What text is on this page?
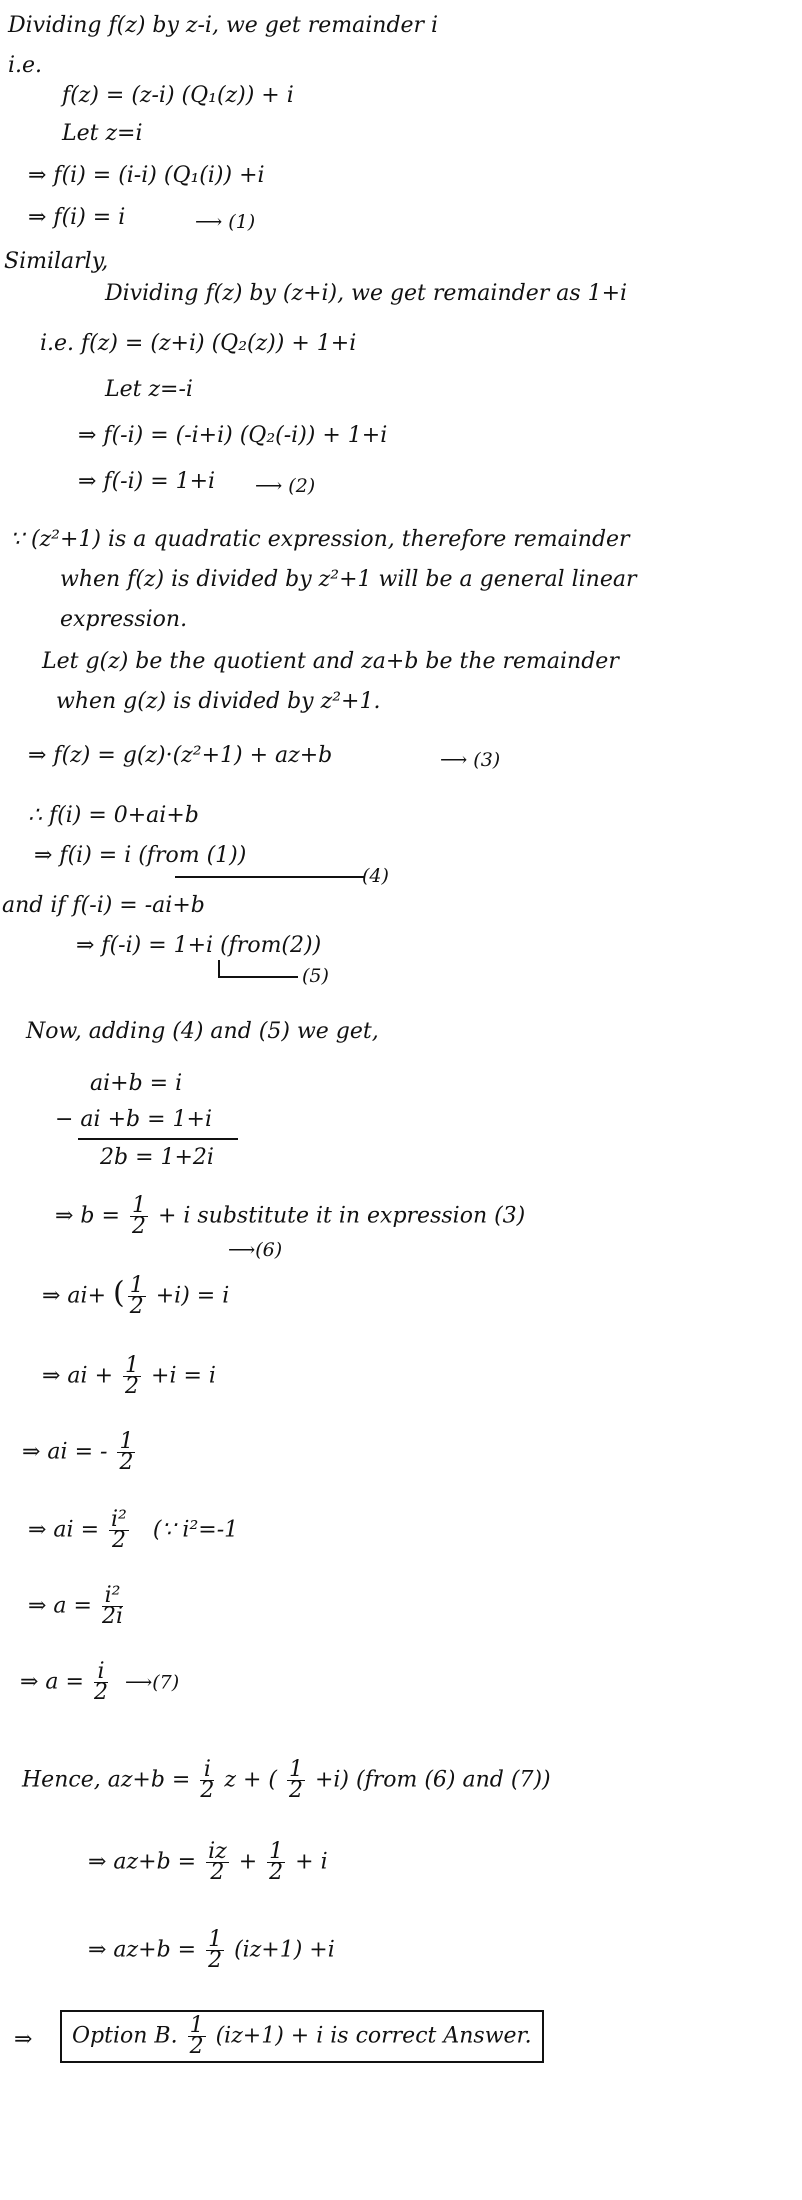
Dividing f(z) by z-i, we get remainder i
i.e.
f(z) = (z-i) (Q₁(z)) + i
Let z=i
⇒ f(i) = (i-i) (Q₁(i)) +i
⇒ f(i) = i	⟶ (1)
Similarly,
Dividing f(z) by (z+i), we get remainder as 1+i
i.e. f(z) = (z+i) (Q₂(z)) + 1+i
Let z=-i
⇒ f(-i) = (-i+i) (Q₂(-i)) + 1+i
⇒ f(-i) = 1+i ⟶ (2)
∵ (z²+1) is a quadratic expression, therefore remainder
when f(z) is divided by z²+1 will be a general linear
expression.
Let g(z) be the quotient and za+b be the remainder
when g(z) is divided by z²+1.
⇒ f(z) = g(z)·(z²+1) + az+b	⟶ (3)
∴ f(i) = 0+ai+b
⇒ f(i) = i (from (1))
(4)
and if f(-i) = -ai+b
⇒ f(-i) = 1+i (from(2))
(5)
Now, adding (4) and (5) we get,
ai+b = i
− ai +b = 1+i
2b = 1+2i
⇒ $b = \frac{1}{2} + i$ substitute it in expression (3)
⟶(6)
⇒ ai+ ( $\frac{1}{2} +i) = i$
⇒ ai + $\frac{1}{2} +i = i$
⇒ ai = - $\frac{1}{2}$
⇒ ai = $\frac{\text{i²}}{2}$ (∵ i²=-1
⇒ $a = \frac{\text{i²}}{2i}$
⇒ $a = \frac{i}{2}$ ⟶(7)
Hence, $az+b = \frac{i}{2}$ z + ( $\frac{1}{2} +i$) (from (6) and (7))
⇒ $az+b = \frac{iz}{2} + \frac{1}{2} + i$
⇒ $az+b = \frac{1}{2} (iz+1) +i$
⇒	Option B. $\frac{1}{2} (iz+1) + i$ is correct Answer.
